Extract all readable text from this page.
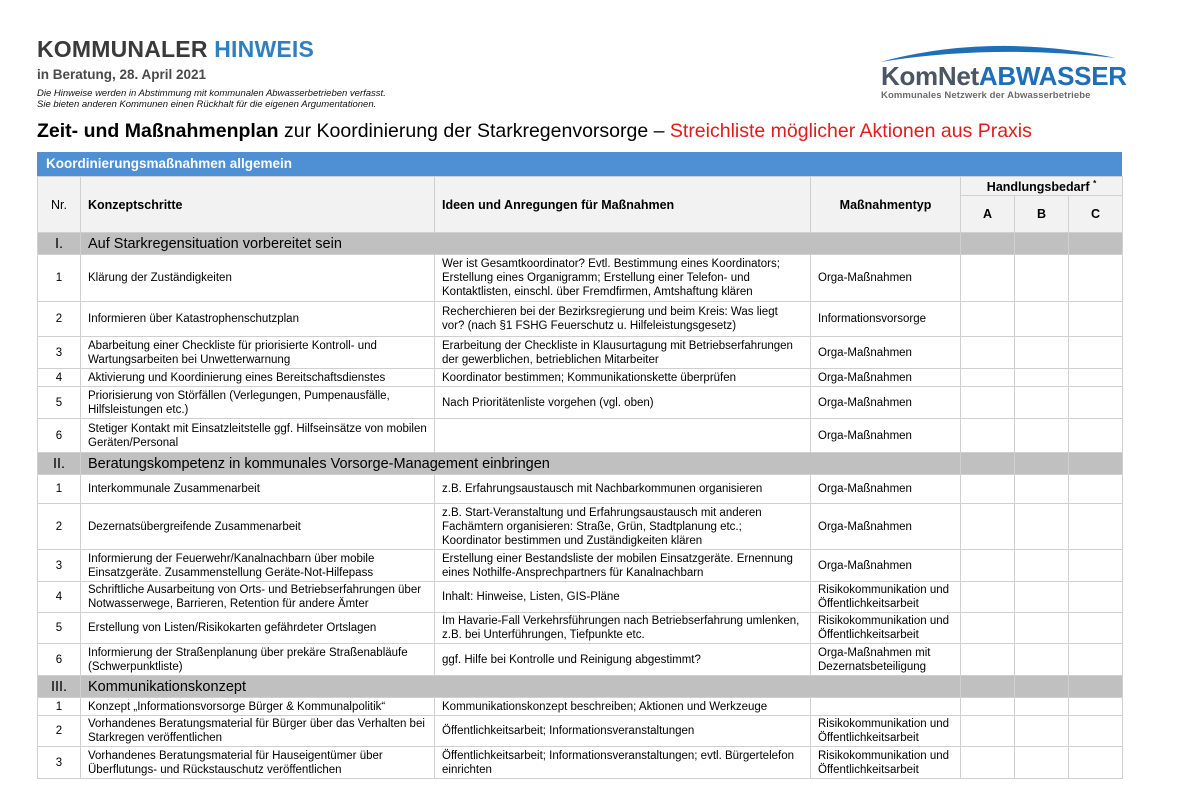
KOMMUNALER HINWEIS
in Beratung, 28. April 2021
Die Hinweise werden in Abstimmung mit kommunalen Abwasserbetrieben verfasst.
Sie bieten anderen Kommunen einen Rückhalt für die eigenen Argumentationen.
KomNetABWASSER
Kommunales Netzwerk der Abwasserbetriebe
Zeit- und Maßnahmenplan zur Koordinierung der Starkregenvorsorge – Streichliste möglicher Aktionen aus Praxis
Koordinierungsmaßnahmen allgemein
Nr.	Konzeptschritte	Ideen und Anregungen für Maßnahmen	Maßnahmentyp	Handlungsbedarf *
				A	B	C
I.	Auf Starkregensituation vorbereitet sein					
1	Klärung der Zuständigkeiten	Wer ist Gesamtkoordinator? Evtl. Bestimmung eines Koordinators; Erstellung eines Organigramm; Erstellung einer Telefon- und Kontaktlisten, einschl. über Fremdfirmen, Amtshaftung klären	Orga-Maßnahmen			
2	Informieren über Katastrophenschutzplan	Recherchieren bei der Bezirksregierung und beim Kreis: Was liegt vor? (nach §1 FSHG Feuerschutz u. Hilfeleistungsgesetz)	Informationsvorsorge			
3	Abarbeitung einer Checkliste für priorisierte Kontroll- und Wartungsarbeiten bei Unwetterwarnung	Erarbeitung der Checkliste in Klausurtagung mit Betriebserfahrungen der gewerblichen, betrieblichen Mitarbeiter	Orga-Maßnahmen			
4	Aktivierung und Koordinierung eines Bereitschaftsdienstes	Koordinator bestimmen; Kommunikationskette überprüfen	Orga-Maßnahmen			
5	Priorisierung von Störfällen (Verlegungen, Pumpenausfälle, Hilfsleistungen etc.)	Nach Prioritätenliste vorgehen (vgl. oben)	Orga-Maßnahmen			
6	Stetiger Kontakt mit Einsatzleitstelle ggf. Hilfseinsätze von mobilen Geräten/Personal		Orga-Maßnahmen			
II.	Beratungskompetenz in kommunales Vorsorge-Management einbringen					
1	Interkommunale Zusammenarbeit	z.B. Erfahrungsaustausch mit Nachbarkommunen organisieren	Orga-Maßnahmen			
2	Dezernatsübergreifende Zusammenarbeit	z.B. Start-Veranstaltung und Erfahrungsaustausch mit anderen Fachämtern organisieren: Straße, Grün, Stadtplanung etc.; Koordinator bestimmen und Zuständigkeiten klären	Orga-Maßnahmen			
3	Informierung der Feuerwehr/Kanalnachbarn über mobile Einsatzgeräte. Zusammenstellung Geräte-Not-Hilfepass	Erstellung einer Bestandsliste der mobilen Einsatzgeräte. Ernennung eines Nothilfe-Ansprechpartners für Kanalnachbarn	Orga-Maßnahmen			
4	Schriftliche Ausarbeitung von Orts- und Betriebserfahrungen über Notwasserwege, Barrieren, Retention für andere Ämter	Inhalt: Hinweise, Listen, GIS-Pläne	Risikokommunikation und Öffentlichkeitsarbeit			
5	Erstellung von Listen/Risikokarten gefährdeter Ortslagen	Im Havarie-Fall Verkehrsführungen nach Betriebserfahrung umlenken, z.B. bei Unterführungen, Tiefpunkte etc.	Risikokommunikation und Öffentlichkeitsarbeit			
6	Informierung der Straßenplanung über prekäre Straßenabläufe (Schwerpunktliste)	ggf. Hilfe bei Kontrolle und Reinigung abgestimmt?	Orga-Maßnahmen mit Dezernatsbeteiligung			
III.	Kommunikationskonzept					
1	Konzept „Informationsvorsorge Bürger & Kommunalpolitik“	Kommunikationskonzept beschreiben; Aktionen und Werkzeuge				
2	Vorhandenes Beratungsmaterial für Bürger über das Verhalten bei Starkregen veröffentlichen	Öffentlichkeitsarbeit; Informationsveranstaltungen	Risikokommunikation und Öffentlichkeitsarbeit			
3	Vorhandenes Beratungsmaterial für Hauseigentümer über Überflutungs- und Rückstauschutz veröffentlichen	Öffentlichkeitsarbeit; Informationsveranstaltungen; evtl. Bürgertelefon einrichten	Risikokommunikation und Öffentlichkeitsarbeit			
